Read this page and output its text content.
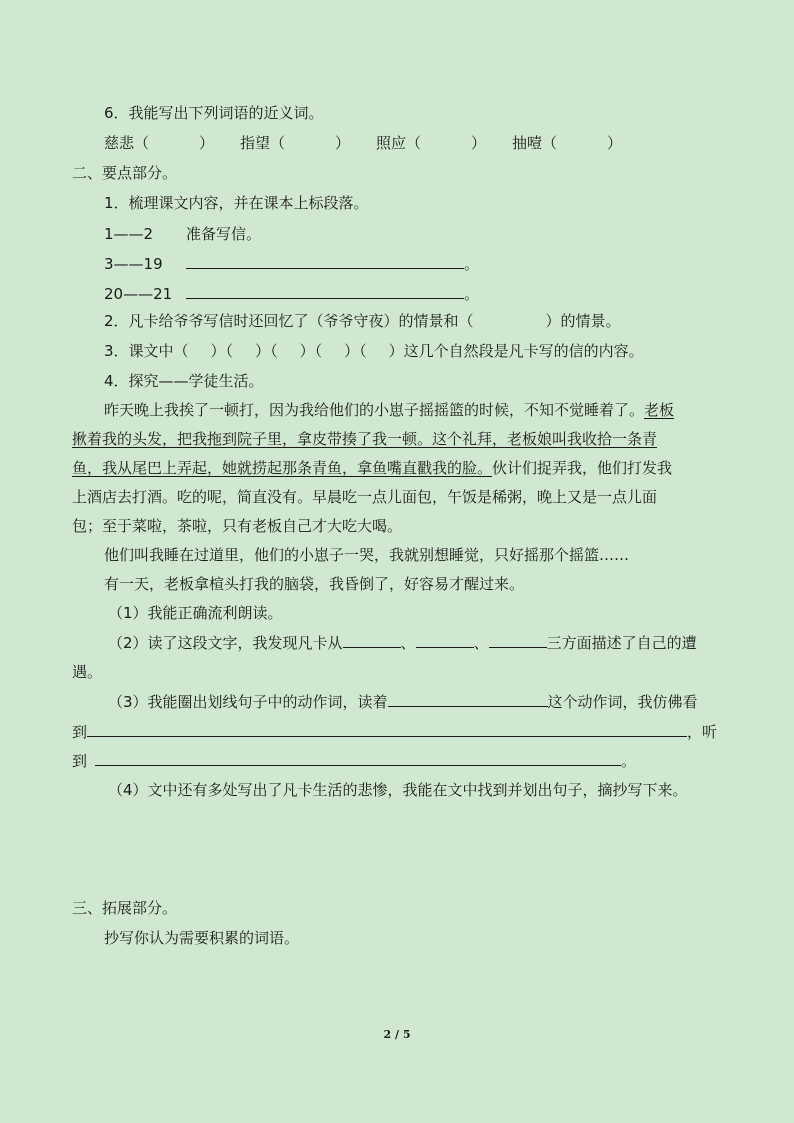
6．我能写出下列词语的近义词。
慈悲（	） 指望（	） 照应（	） 抽噎（	）
二、要点部分。
1．梳理课文内容，并在课本上标段落。
1——2 准备写信。
3——19	。
20——21	。
2．凡卡给爷爷写信时还回忆了（爷爷守夜）的情景和（	）的情景。
3．课文中（ ）（ ）（ ）（ ）（ ）这几个自然段是凡卡写的信的内容。
4．探究——学徒生活。
昨天晚上我挨了一顿打，因为我给他们的小崽子摇摇篮的时候，不知不觉睡着了。老板
揪着我的头发，把我拖到院子里，拿皮带揍了我一顿。这个礼拜，老板娘叫我收拾一条青
鱼，我从尾巴上弄起，她就捞起那条青鱼，拿鱼嘴直戳我的脸。伙计们捉弄我，他们打发我
上酒店去打酒。吃的呢，简直没有。早晨吃一点儿面包，午饭是稀粥，晚上又是一点儿面
包；至于菜啦，茶啦，只有老板自己才大吃大喝。
他们叫我睡在过道里，他们的小崽子一哭，我就别想睡觉，只好摇那个摇篮……
有一天，老板拿楦头打我的脑袋，我昏倒了，好容易才醒过来。
（1）我能正确流利朗读。
（2）读了这段文字，我发现凡卡从	、	、	三方面描述了自己的遭
遇。
（3）我能圈出划线句子中的动作词，读着	这个动作词，我仿佛看
到	，听
到	。
（4）文中还有多处写出了凡卡生活的悲惨，我能在文中找到并划出句子，摘抄写下来。
三、拓展部分。
抄写你认为需要积累的词语。
2 / 5
